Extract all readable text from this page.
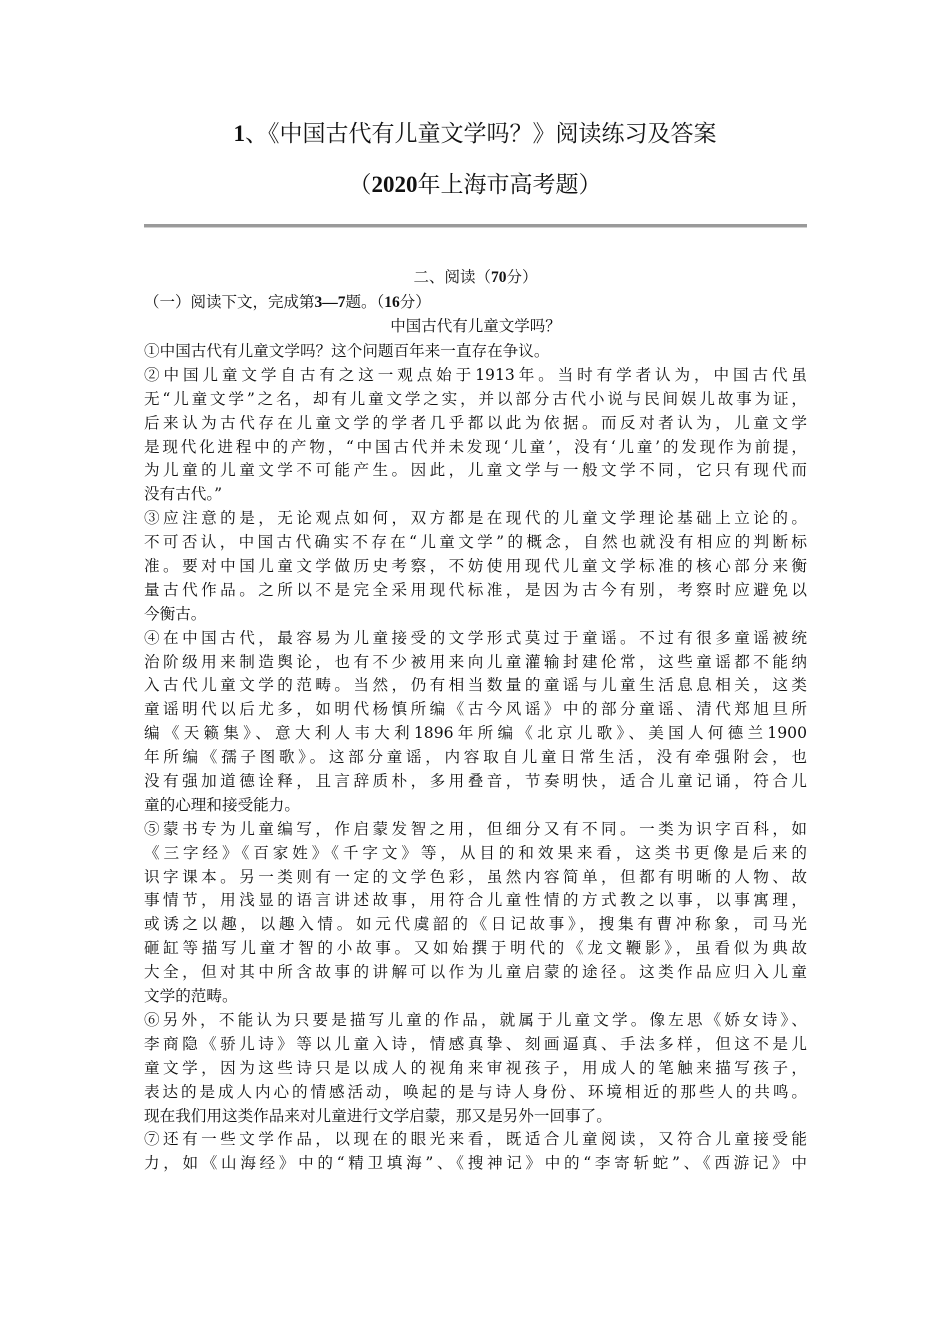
1、《中国古代有儿童文学吗？》阅读练习及答案
（2020年上海市高考题）
二、阅读（70分）
（一）阅读下文，完成第3—7题。（16分）
中国古代有儿童文学吗？
①中国古代有儿童文学吗？这个问题百年来一直存在争议。
②中国儿童文学自古有之这一观点始于1913年。当时有学者认为，中国古代虽
无“儿童文学”之名，却有儿童文学之实，并以部分古代小说与民间娱儿故事为证，
后来认为古代存在儿童文学的学者几乎都以此为依据。而反对者认为，儿童文学
是现代化进程中的产物，“中国古代并未发现‘儿童’，没有‘儿童’的发现作为前提，
为儿童的儿童文学不可能产生。因此，儿童文学与一般文学不同，它只有现代而
没有古代。”
③应注意的是，无论观点如何，双方都是在现代的儿童文学理论基础上立论的。
不可否认，中国古代确实不存在“儿童文学”的概念，自然也就没有相应的判断标
准。要对中国儿童文学做历史考察，不妨使用现代儿童文学标准的核心部分来衡
量古代作品。之所以不是完全采用现代标准，是因为古今有别，考察时应避免以
今衡古。
④在中国古代，最容易为儿童接受的文学形式莫过于童谣。不过有很多童谣被统
治阶级用来制造舆论，也有不少被用来向儿童灌输封建伦常，这些童谣都不能纳
入古代儿童文学的范畴。当然，仍有相当数量的童谣与儿童生活息息相关，这类
童谣明代以后尤多，如明代杨慎所编《古今风谣》中的部分童谣、清代郑旭旦所
编《天籁集》、意大利人韦大利1896年所编《北京儿歌》、美国人何德兰1900
年所编《孺子图歌》。这部分童谣，内容取自儿童日常生活，没有牵强附会，也
没有强加道德诠释，且言辞质朴，多用叠音，节奏明快，适合儿童记诵，符合儿
童的心理和接受能力。
⑤蒙书专为儿童编写，作启蒙发智之用，但细分又有不同。一类为识字百科，如
《三字经》《百家姓》《千字文》等，从目的和效果来看，这类书更像是后来的
识字课本。另一类则有一定的文学色彩，虽然内容简单，但都有明晰的人物、故
事情节，用浅显的语言讲述故事，用符合儿童性情的方式教之以事，以事寓理，
或诱之以趣，以趣入情。如元代虞韶的《日记故事》，搜集有曹冲称象，司马光
砸缸等描写儿童才智的小故事。又如始撰于明代的《龙文鞭影》，虽看似为典故
大全，但对其中所含故事的讲解可以作为儿童启蒙的途径。这类作品应归入儿童
文学的范畴。
⑥另外，不能认为只要是描写儿童的作品，就属于儿童文学。像左思《娇女诗》、
李商隐《骄儿诗》等以儿童入诗，情感真挚、刻画逼真、手法多样，但这不是儿
童文学，因为这些诗只是以成人的视角来审视孩子，用成人的笔触来描写孩子，
表达的是成人内心的情感活动，唤起的是与诗人身份、环境相近的那些人的共鸣。
现在我们用这类作品来对儿童进行文学启蒙，那又是另外一回事了。
⑦还有一些文学作品，以现在的眼光来看，既适合儿童阅读，又符合儿童接受能
力，如《山海经》中的“精卫填海”、《搜神记》中的“李寄斩蛇”、《西游记》中
